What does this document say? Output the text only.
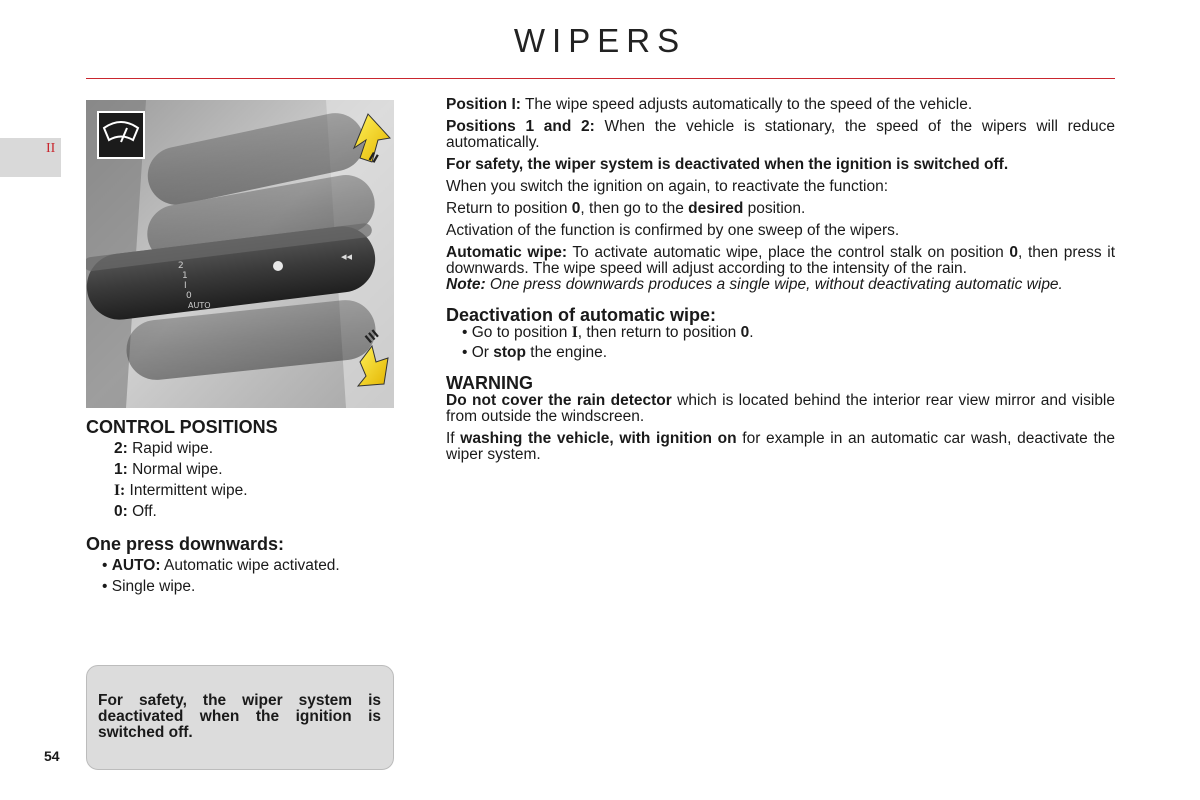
WIPERS
II
◂◂
2
1
I
0
AUTO
II
III
CONTROL POSITIONS
2: Rapid wipe.
1: Normal wipe.
I: Intermittent wipe.
0: Off.
One press downwards:
• AUTO: Automatic wipe activated.
• Single wipe.

For safety, the wiper system is deactivated when the ignition is switched off.

54

Position I: The wipe speed adjusts automatically to the speed of the vehicle.

Positions 1 and 2: When the vehicle is stationary, the speed of the wipers will reduce automatically.

For safety, the wiper system is deactivated when the ignition is switched off.

When you switch the ignition on again, to reactivate the function:

Return to position 0, then go to the desired position.

Activation of the function is confirmed by one sweep of the wipers.

Automatic wipe: To activate automatic wipe, place the control stalk on position 0, then press it downwards. The wipe speed will adjust according to the intensity of the rain.

Note: One press downwards produces a single wipe, without deactivating automatic wipe.

Deactivation of automatic wipe:
• Go to position I, then return to position 0.
• Or stop the engine.
WARNING

Do not cover the rain detector which is located behind the interior rear view mirror and visible from outside the windscreen.

If washing the vehicle, with ignition on for example in an automatic car wash, deactivate the wiper system.
